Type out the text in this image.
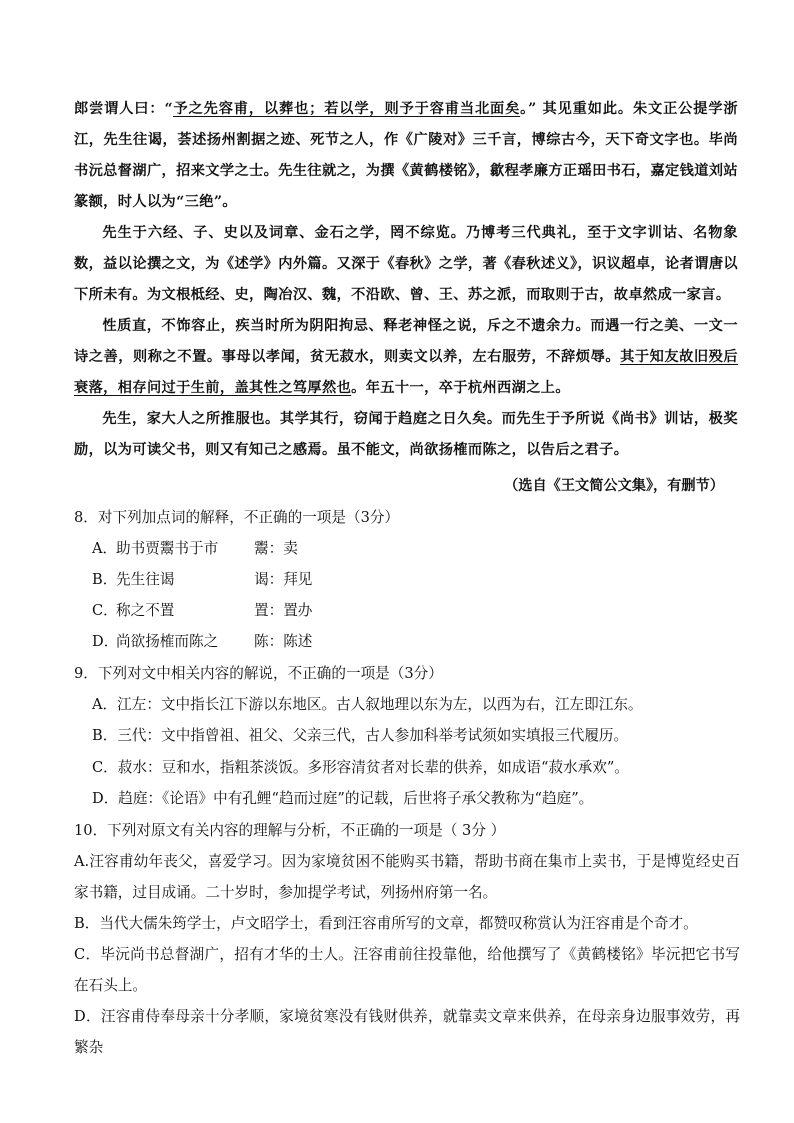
郎尝谓人曰：“予之先容甫，以葬也；若以学，则予于容甫当北面矣。” 其见重如此。朱文正公提学浙江，先生往谒，荟述扬州割据之迹、死节之人，作《广陵对》三千言，博综古今，天下奇文字也。毕尚书沅总督湖广，招来文学之士。先生往就之，为撰《黄鹤楼铭》，歙程孝廉方正瑶田书石，嘉定钱道刘站篆额，时人以为“三绝”。

先生于六经、子、史以及词章、金石之学，罔不综览。乃博考三代典礼，至于文字训诂、名物象数，益以论撰之文，为《述学》内外篇。又深于《春秋》之学，著《春秋述义》，识议超卓，论者谓唐以下所未有。为文根柢经、史，陶冶汉、魏，不沿欧、曾、王、苏之派，而取则于古，故卓然成一家言。

性质直，不饰容止，疾当时所为阴阳拘忌、释老神怪之说，斥之不遗余力。而遇一行之美、一文一诗之善，则称之不置。事母以孝闻，贫无菽水，则卖文以养，左右服劳，不辞烦辱。其于知友故旧殁后衰落，相存问过于生前，盖其性之笃厚然也。年五十一，卒于杭州西湖之上。

先生，家大人之所推服也。其学其行，窃闻于趋庭之日久矣。而先生于予所说《尚书》训诂，极奖励，以为可读父书，则又有知己之感焉。虽不能文，尚欲扬榷而陈之，以告后之君子。

（选自《王文简公文集》，有删节）
8．对下列加点词的解释，不正确的一项是（3分）
A．助书贾鬻书于市 鬻：卖
B．先生往谒	谒：拜见
C．称之不置	置：置办
D．尚欲扬榷而陈之 陈：陈述
9．下列对文中相关内容的解说，不正确的一项是（3分）
A．江左：文中指长江下游以东地区。古人叙地理以东为左，以西为右，江左即江东。
B．三代：文中指曾祖、祖父、父亲三代，古人参加科举考试须如实填报三代履历。
C．菽水：豆和水，指粗茶淡饭。多形容清贫者对长辈的供养，如成语“菽水承欢”。
D．趋庭：《论语》中有孔鲤“趋而过庭”的记载，后世将子承父教称为“趋庭”。
10．下列对原文有关内容的理解与分析，不正确的一项是（ 3分 ）
A.汪容甫幼年丧父，喜爱学习。因为家境贫困不能购买书籍，帮助书商在集市上卖书，于是博览经史百家书籍，过目成诵。二十岁时，参加提学考试，列扬州府第一名。
B．当代大儒朱筠学士，卢文昭学士，看到汪容甫所写的文章，都赞叹称赏认为汪容甫是个奇才。
C．毕沅尚书总督湖广，招有才华的士人。汪容甫前往投靠他，给他撰写了《黄鹤楼铭》毕沅把它书写在石头上。
D．汪容甫侍奉母亲十分孝顺，家境贫寒没有钱财供养，就靠卖文章来供养，在母亲身边服事效劳，再繁杂
